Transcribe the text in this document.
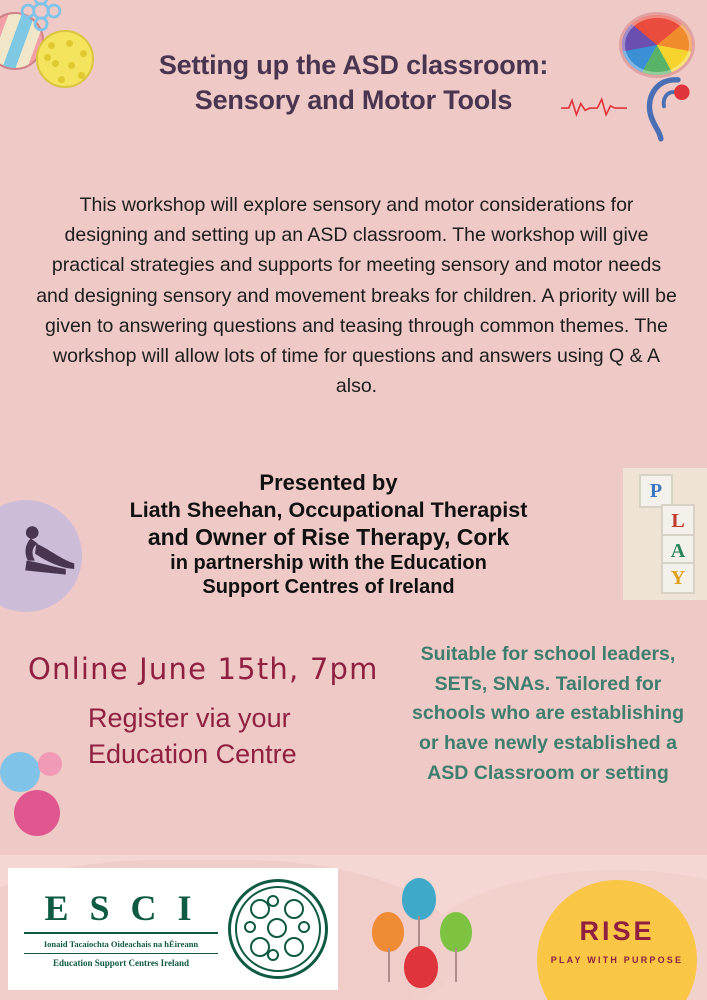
Setting up the ASD classroom:
Sensory and Motor Tools
This workshop will explore sensory and motor considerations for designing and setting up an ASD classroom. The workshop will give practical strategies and supports for meeting sensory and motor needs and designing sensory and movement breaks for children. A priority will be given to answering questions and teasing through common themes. The workshop will allow lots of time for questions and answers using Q & A also.
P
L
A
Y
Presented by
Liath Sheehan, Occupational Therapist
and Owner of Rise Therapy, Cork
in partnership with the Education
Support Centres of Ireland
Online June 15th, 7pm
Register via your
Education Centre
Suitable for school leaders, SETs, SNAs. Tailored for schools who are establishing or have newly established a ASD Classroom or setting
E S C I
Ionaid Tacaíochta Oideachais na hÉireann
Education Support Centres Ireland
RISE
PLAY WITH PURPOSE
